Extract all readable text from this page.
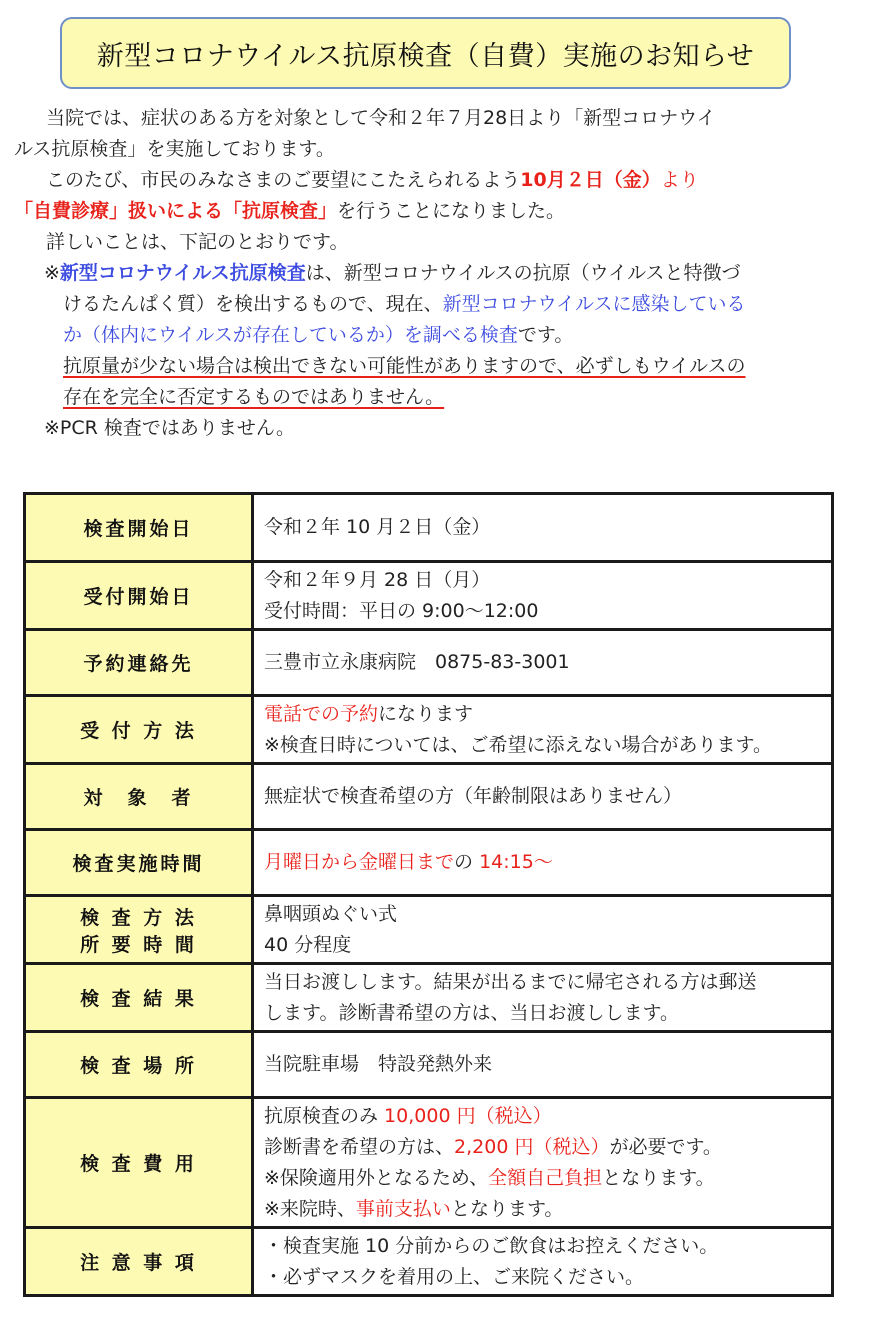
新型コロナウイルス抗原検査（自費）実施のお知らせ

当院では、症状のある方を対象として令和２年７月28日より「新型コロナウイ

ルス抗原検査」を実施しております。

このたび、市民のみなさまのご要望にこたえられるよう10月２日（金）より

「自費診療」扱いによる「抗原検査」を行うことになりました。

詳しいことは、下記のとおりです。

※新型コロナウイルス抗原検査は、新型コロナウイルスの抗原（ウイルスと特徴づ

けるたんぱく質）を検出するもので、現在、新型コロナウイルスに感染している

か（体内にウイルスが存在しているか）を調べる検査です。

抗原量が少ない場合は検出できない可能性がありますので、必ずしもウイルスの

存在を完全に否定するものではありません。

※PCR 検査ではありません。

検査開始日	令和２年 10 月２日（金）
受付開始日	令和２年９月 28 日（月）
受付時間：平日の 9:00～12:00

予約連絡先	三豊市立永康病院　0875-83-3001
受 付 方 法	電話での予約になります
※検査日時については、ご希望に添えない場合があります。

対　象　者	無症状で検査希望の方（年齢制限はありません）
検査実施時間	月曜日から金曜日までの 14:15～

検 査 方 法
所 要 時 間	鼻咽頭ぬぐい式
40 分程度

検 査 結 果	当日お渡しします。結果が出るまでに帰宅される方は郵送
します。診断書希望の方は、当日お渡しします。

検 査 場 所	当院駐車場　特設発熱外来
検 査 費 用	抗原検査のみ 10,000 円（税込）
診断書を希望の方は、2,200 円（税込）が必要です。
※保険適用外となるため、全額自己負担となります。
※来院時、事前支払いとなります。

注 意 事 項	・検査実施 10 分前からのご飲食はお控えください。
・必ずマスクを着用の上、ご来院ください。
